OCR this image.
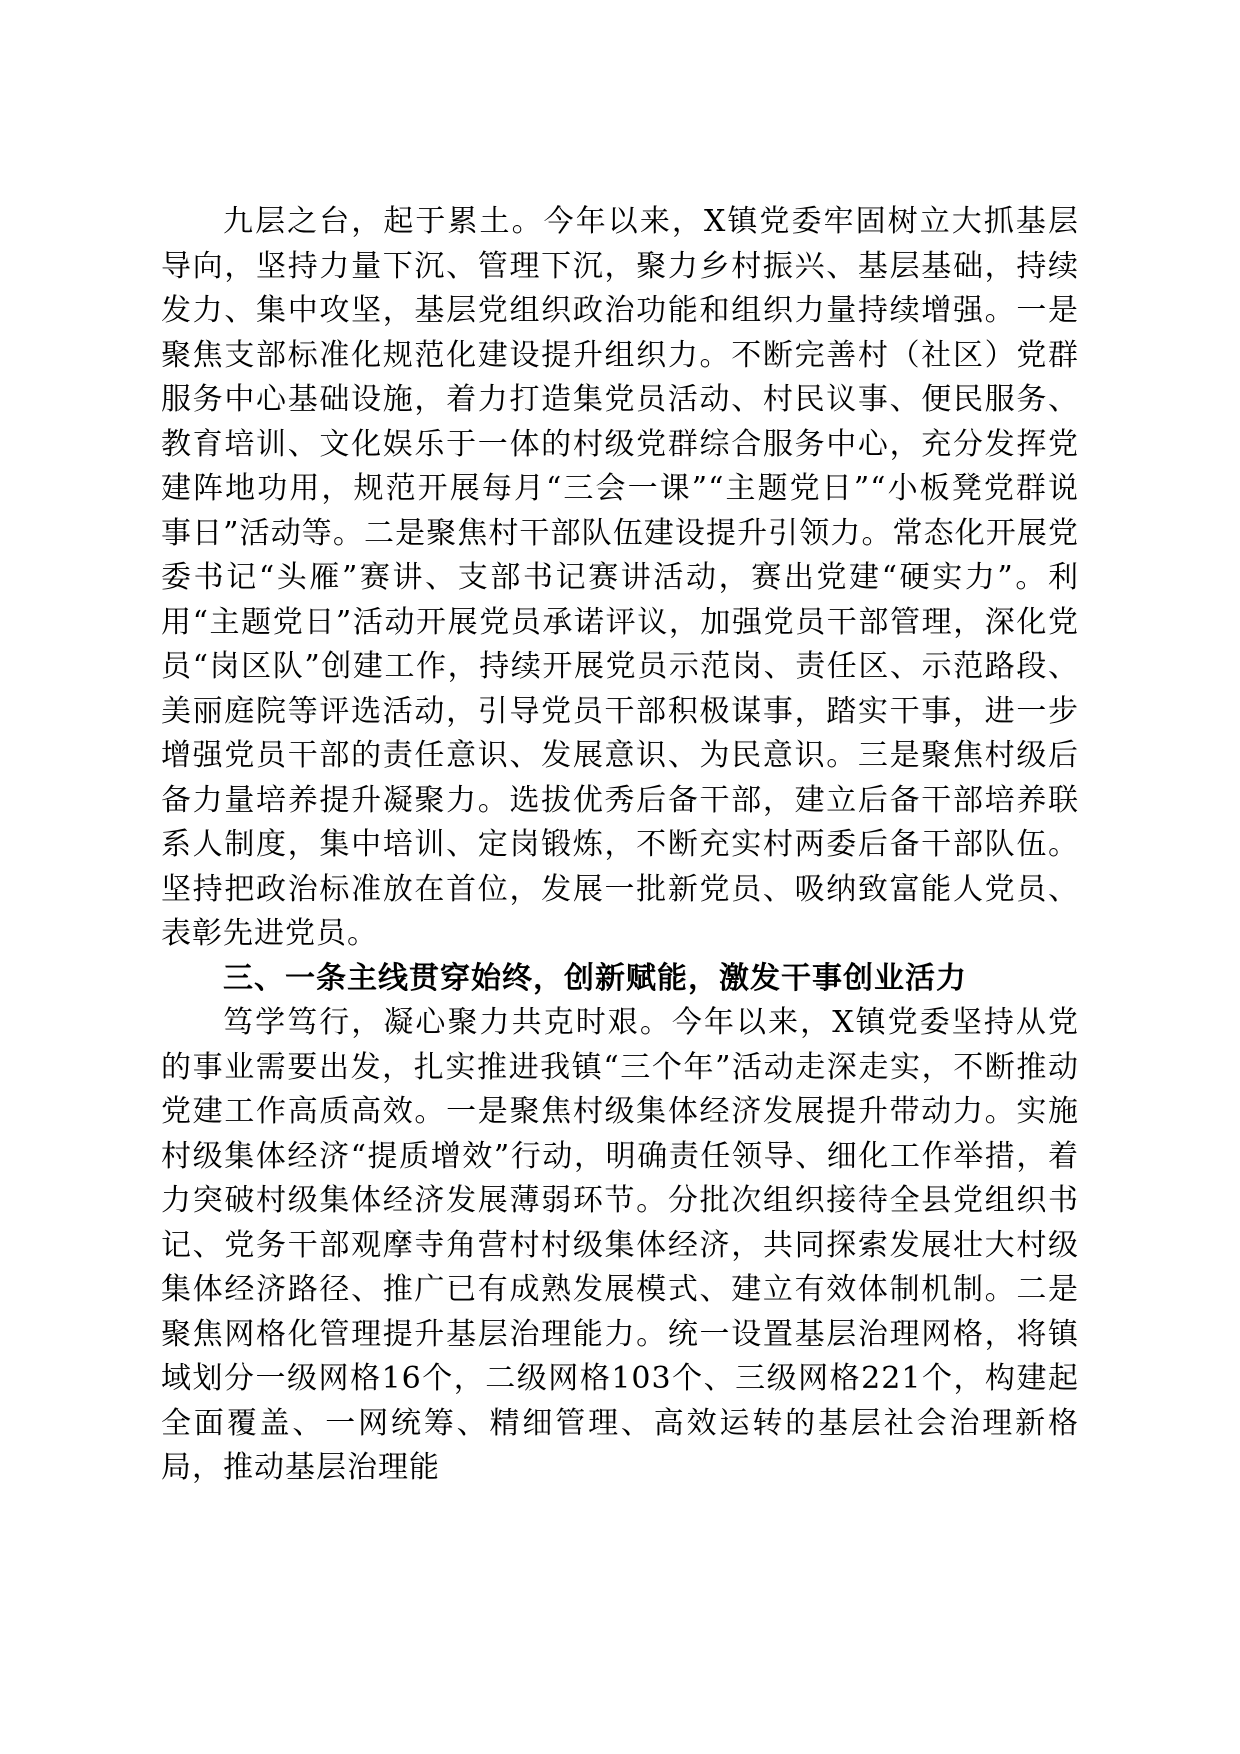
九层之台，起于累土。今年以来，X镇党委牢固树立大抓基层导向，坚持力量下沉、管理下沉，聚力乡村振兴、基层基础，持续发力、集中攻坚，基层党组织政治功能和组织力量持续增强。一是聚焦支部标准化规范化建设提升组织力。不断完善村（社区）党群服务中心基础设施，着力打造集党员活动、村民议事、便民服务、教育培训、文化娱乐于一体的村级党群综合服务中心，充分发挥党建阵地功用，规范开展每月“三会一课”“主题党日”“小板凳党群说事日”活动等。二是聚焦村干部队伍建设提升引领力。常态化开展党委书记“头雁”赛讲、支部书记赛讲活动，赛出党建“硬实力”。利用“主题党日”活动开展党员承诺评议，加强党员干部管理，深化党员“岗区队”创建工作，持续开展党员示范岗、责任区、示范路段、美丽庭院等评选活动，引导党员干部积极谋事，踏实干事，进一步增强党员干部的责任意识、发展意识、为民意识。三是聚焦村级后备力量培养提升凝聚力。选拔优秀后备干部，建立后备干部培养联系人制度，集中培训、定岗锻炼，不断充实村两委后备干部队伍。坚持把政治标准放在首位，发展一批新党员、吸纳致富能人党员、表彰先进党员。

三、一条主线贯穿始终，创新赋能，激发干事创业活力

笃学笃行，凝心聚力共克时艰。今年以来，X镇党委坚持从党的事业需要出发，扎实推进我镇“三个年”活动走深走实，不断推动党建工作高质高效。一是聚焦村级集体经济发展提升带动力。实施村级集体经济“提质增效”行动，明确责任领导、细化工作举措，着力突破村级集体经济发展薄弱环节。分批次组织接待全县党组织书记、党务干部观摩寺角营村村级集体经济，共同探索发展壮大村级集体经济路径、推广已有成熟发展模式、建立有效体制机制。二是聚焦网格化管理提升基层治理能力。统一设置基层治理网格，将镇域划分一级网格16个，二级网格103个、三级网格221个，构建起全面覆盖、一网统筹、精细管理、高效运转的基层社会治理新格局，推动基层治理能
